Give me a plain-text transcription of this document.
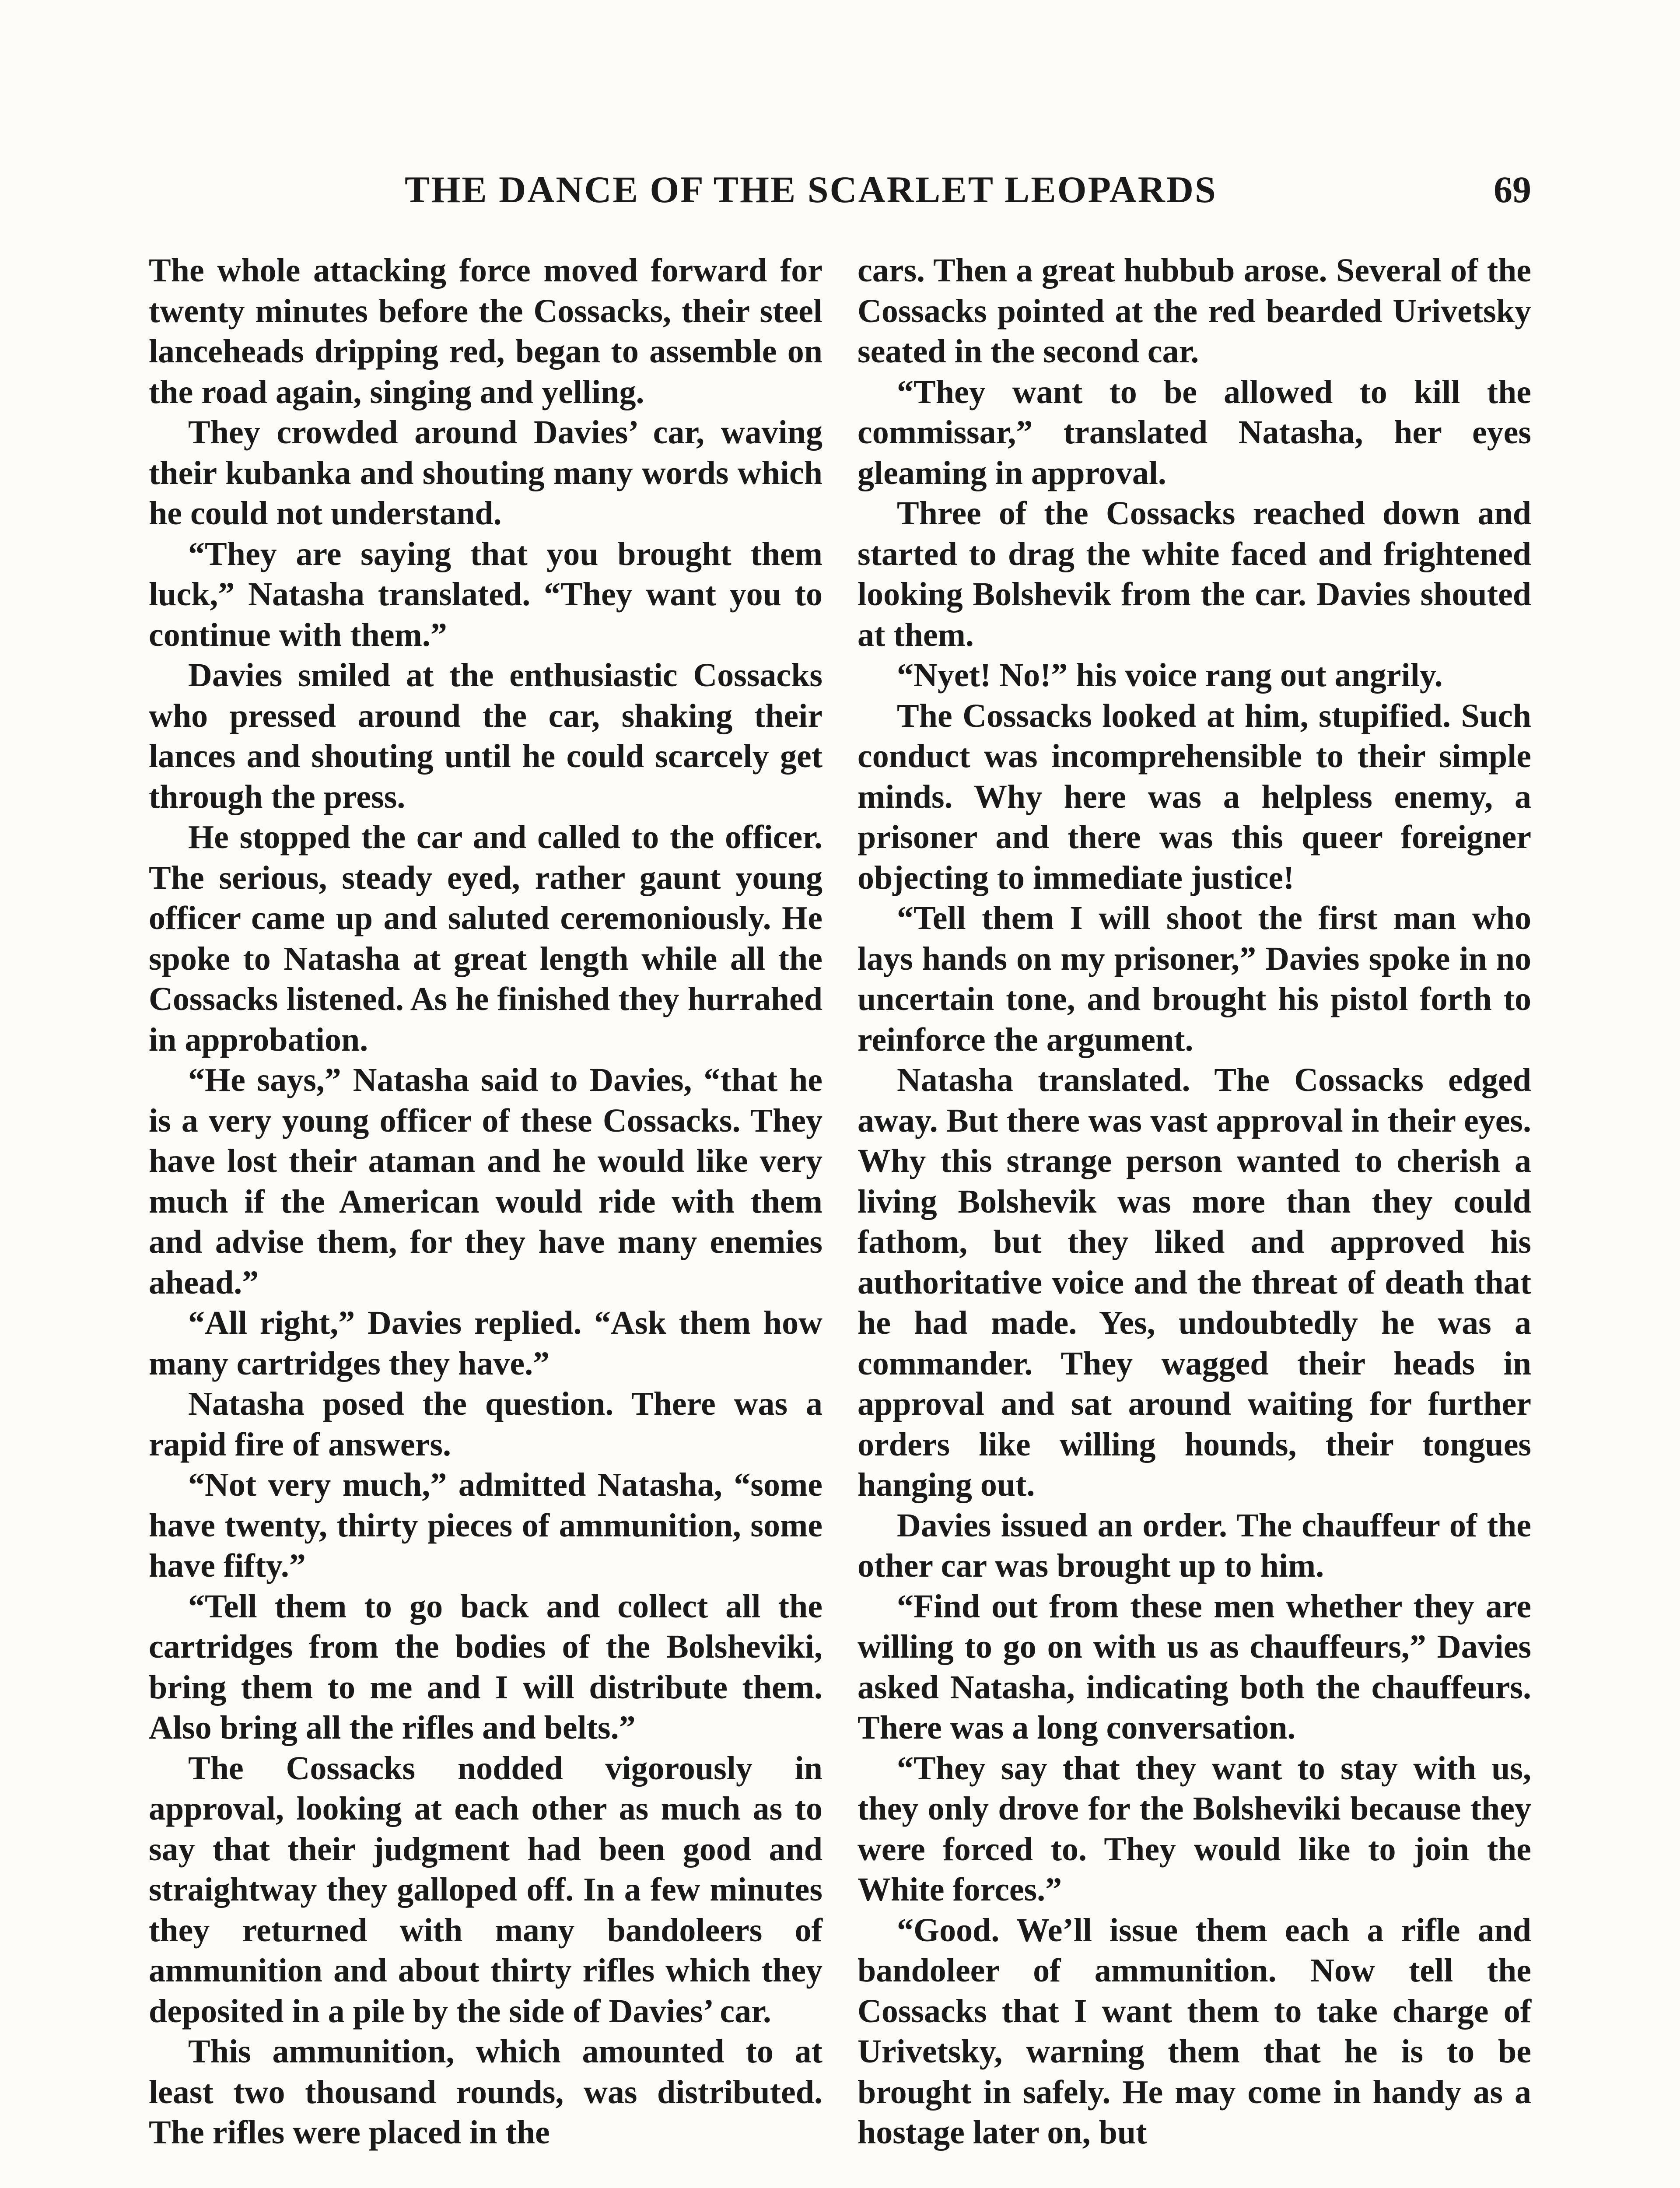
THE DANCE OF THE SCARLET LEOPARDS	69

The whole attacking force moved forward for twenty minutes before the Cossacks, their steel lanceheads dripping red, began to assemble on the road again, singing and yelling.

They crowded around Davies’ car, waving their kubanka and shouting many words which he could not understand.

“They are saying that you brought them luck,” Natasha translated. “They want you to continue with them.”

Davies smiled at the enthusiastic Cossacks who pressed around the car, shaking their lances and shouting until he could scarcely get through the press.

He stopped the car and called to the officer. The serious, steady eyed, rather gaunt young officer came up and saluted ceremoniously. He spoke to Natasha at great length while all the Cossacks listened. As he finished they hurrahed in approbation.

“He says,” Natasha said to Davies, “that he is a very young officer of these Cossacks. They have lost their ataman and he would like very much if the American would ride with them and advise them, for they have many enemies ahead.”

“All right,” Davies replied. “Ask them how many cartridges they have.”

Natasha posed the question. There was a rapid fire of answers.

“Not very much,” admitted Natasha, “some have twenty, thirty pieces of ammunition, some have fifty.”

“Tell them to go back and collect all the cartridges from the bodies of the Bolsheviki, bring them to me and I will distribute them. Also bring all the rifles and belts.”

The Cossacks nodded vigorously in approval, looking at each other as much as to say that their judgment had been good and straightway they galloped off. In a few minutes they returned with many bandoleers of ammunition and about thirty rifles which they deposited in a pile by the side of Davies’ car.

This ammunition, which amounted to at least two thousand rounds, was distributed. The rifles were placed in the

cars. Then a great hubbub arose. Several of the Cossacks pointed at the red bearded Urivetsky seated in the second car.

“They want to be allowed to kill the commissar,” translated Natasha, her eyes gleaming in approval.

Three of the Cossacks reached down and started to drag the white faced and frightened looking Bolshevik from the car. Davies shouted at them.

“Nyet! No!” his voice rang out angrily.

The Cossacks looked at him, stupified. Such conduct was incomprehensible to their simple minds. Why here was a helpless enemy, a prisoner and there was this queer foreigner objecting to immediate justice!

“Tell them I will shoot the first man who lays hands on my prisoner,” Davies spoke in no uncertain tone, and brought his pistol forth to reinforce the argument.

Natasha translated. The Cossacks edged away. But there was vast approval in their eyes. Why this strange person wanted to cherish a living Bolshevik was more than they could fathom, but they liked and approved his authoritative voice and the threat of death that he had made. Yes, undoubtedly he was a commander. They wagged their heads in approval and sat around waiting for further orders like willing hounds, their tongues hanging out.

Davies issued an order. The chauffeur of the other car was brought up to him.

“Find out from these men whether they are willing to go on with us as chauffeurs,” Davies asked Natasha, indicating both the chauffeurs. There was a long conversation.

“They say that they want to stay with us, they only drove for the Bolsheviki because they were forced to. They would like to join the White forces.”

“Good. We’ll issue them each a rifle and bandoleer of ammunition. Now tell the Cossacks that I want them to take charge of Urivetsky, warning them that he is to be brought in safely. He may come in handy as a hostage later on, but
